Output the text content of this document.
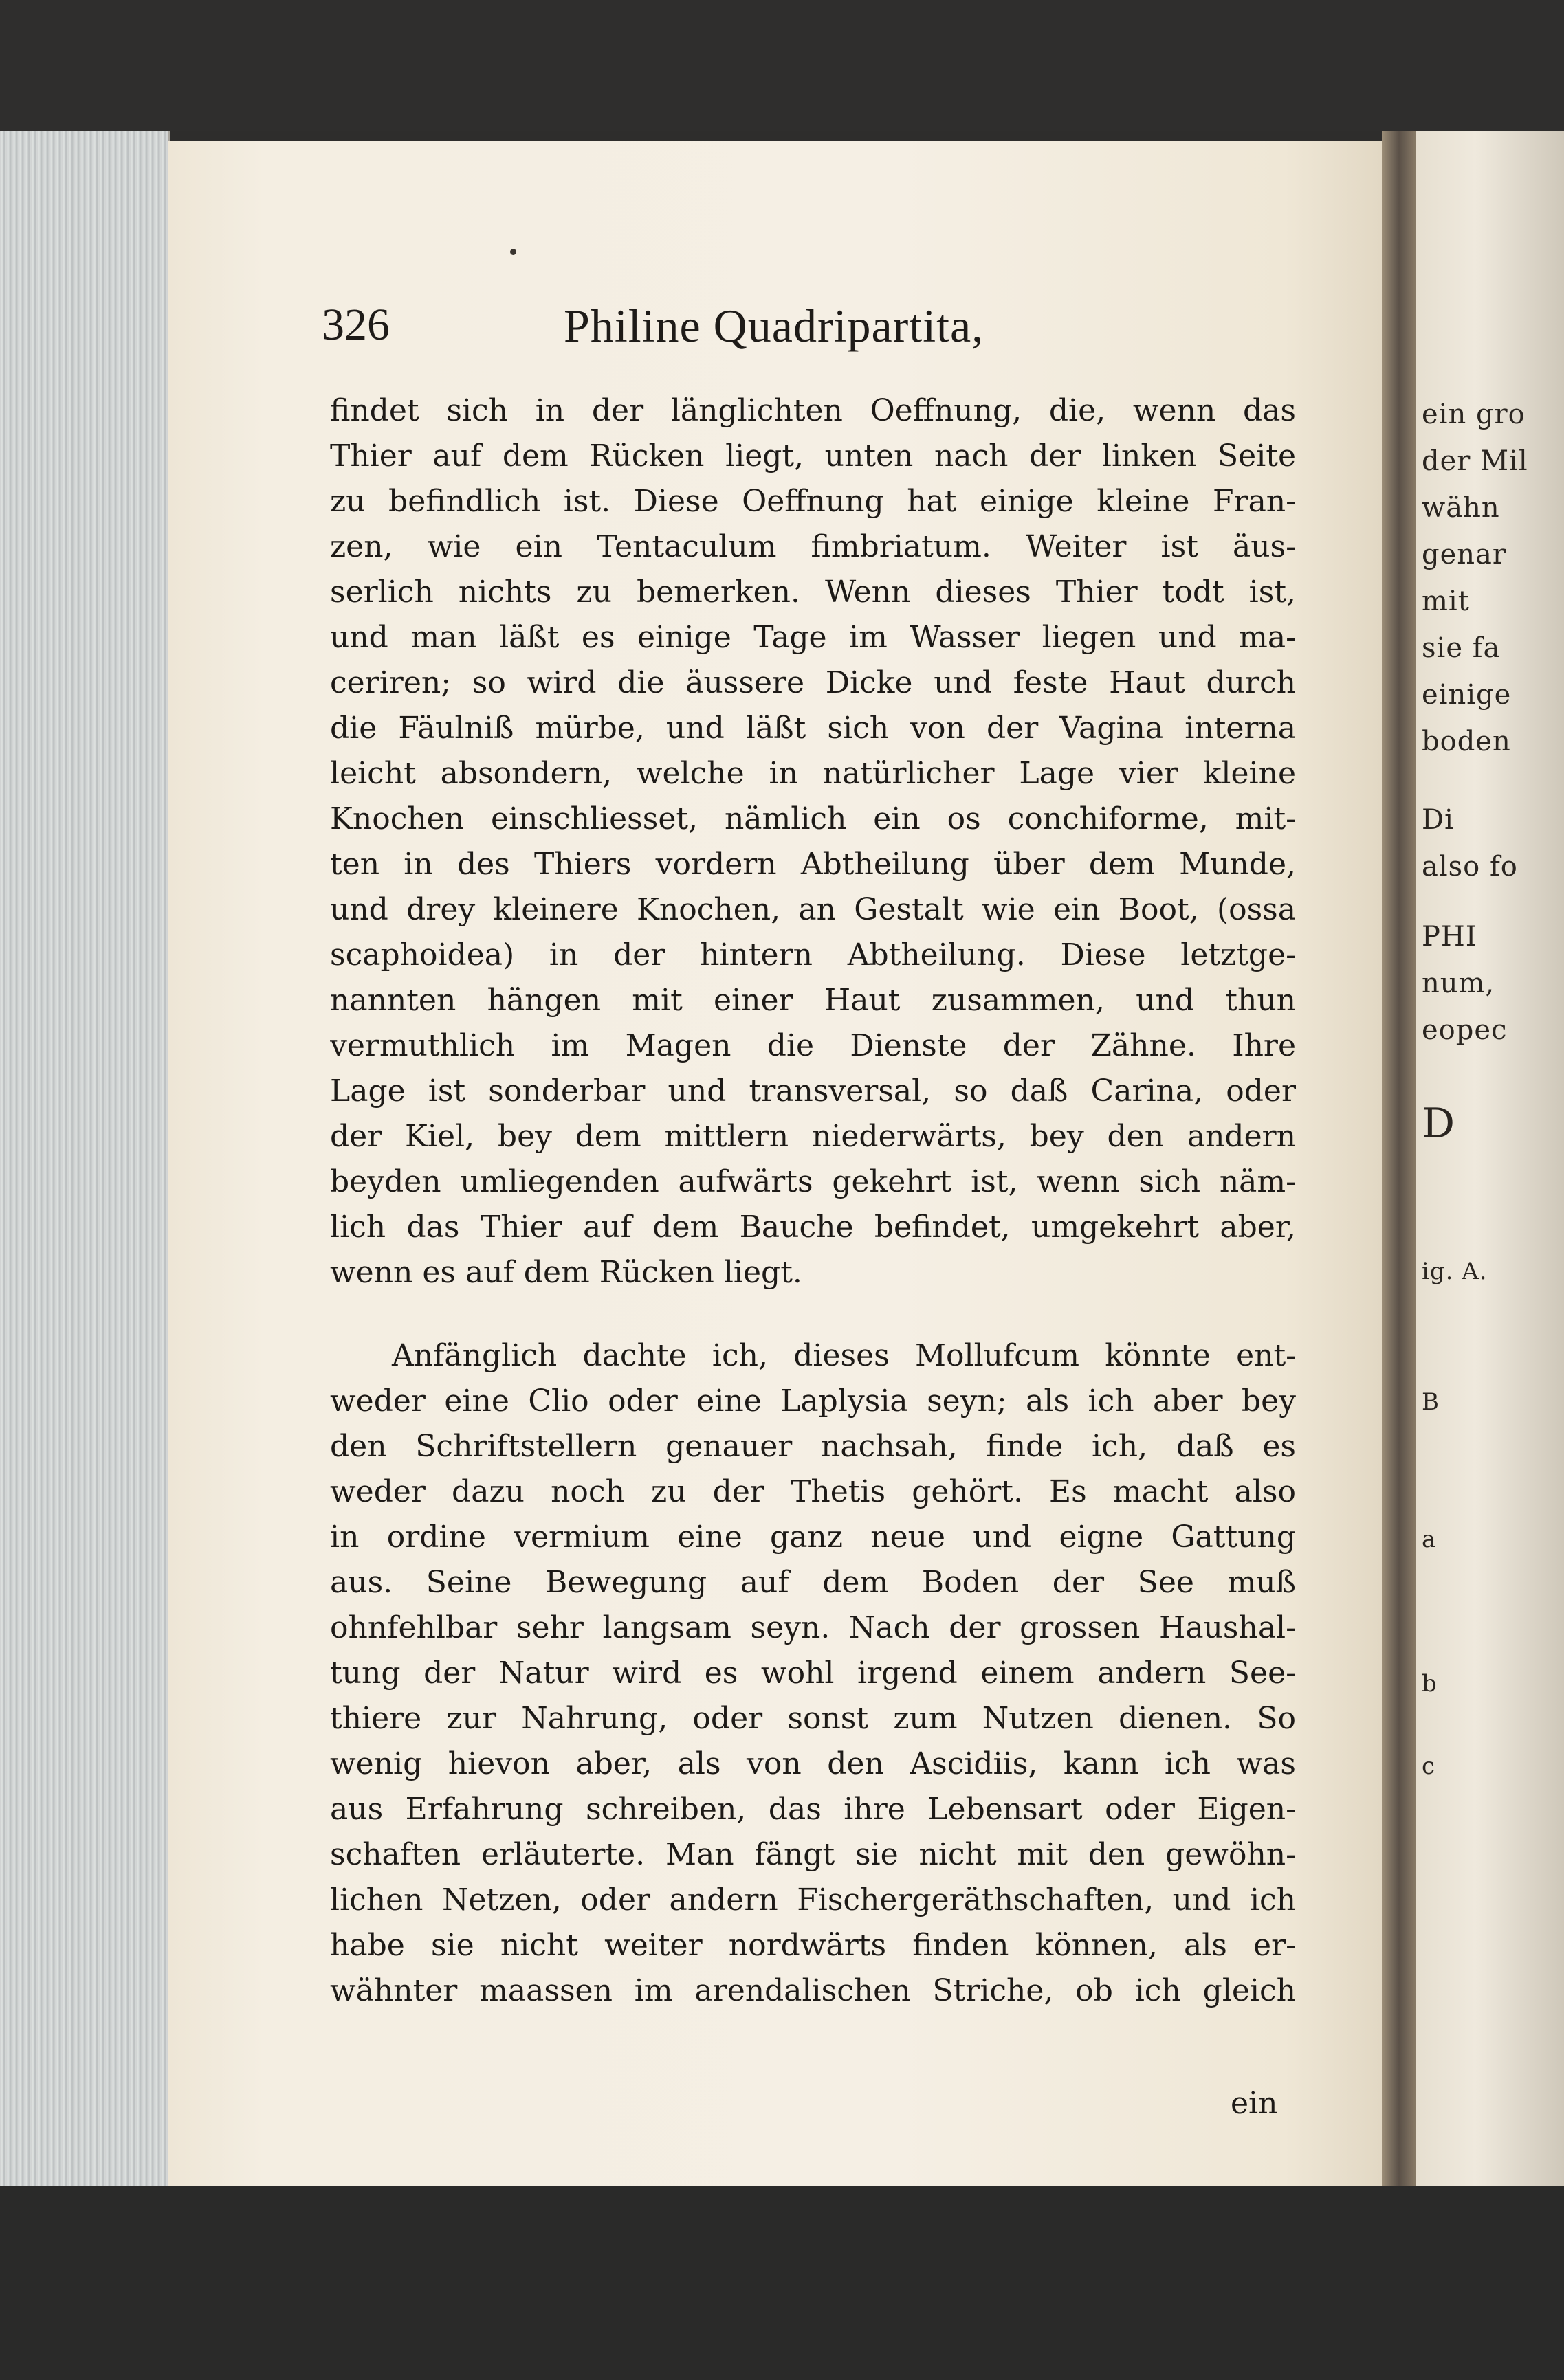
ein gro
der Mil
wähn
genar
mit
sie fa
einige
boden
Di
also fo
PHI
num,
eopec
D
ig. A.
B
a
b
c
326	Philine Quadripartita,
findet sich in der länglichten Oeffnung, die, wenn das
Thier auf dem Rücken liegt, unten nach der linken Seite
zu befindlich ist. Diese Oeffnung hat einige kleine Fran-
zen, wie ein Tentaculum fimbriatum. Weiter ist äus-
serlich nichts zu bemerken. Wenn dieses Thier todt ist,
und man läßt es einige Tage im Wasser liegen und ma-
ceriren; so wird die äussere Dicke und feste Haut durch
die Fäulniß mürbe, und läßt sich von der Vagina interna
leicht absondern, welche in natürlicher Lage vier kleine
Knochen einschliesset, nämlich ein os conchiforme, mit-
ten in des Thiers vordern Abtheilung über dem Munde,
und drey kleinere Knochen, an Gestalt wie ein Boot, (ossa
scaphoidea) in der hintern Abtheilung. Diese letztge-
nannten hängen mit einer Haut zusammen, und thun
vermuthlich im Magen die Dienste der Zähne. Ihre
Lage ist sonderbar und transversal, so daß Carina, oder
der Kiel, bey dem mittlern niederwärts, bey den andern
beyden umliegenden aufwärts gekehrt ist, wenn sich näm-
lich das Thier auf dem Bauche befindet, umgekehrt aber,
wenn es auf dem Rücken liegt.
Anfänglich dachte ich, dieses Mollufcum könnte ent-
weder eine Clio oder eine Laplysia seyn; als ich aber bey
den Schriftstellern genauer nachsah, finde ich, daß es
weder dazu noch zu der Thetis gehört. Es macht also
in ordine vermium eine ganz neue und eigne Gattung
aus. Seine Bewegung auf dem Boden der See muß
ohnfehlbar sehr langsam seyn. Nach der grossen Haushal-
tung der Natur wird es wohl irgend einem andern See-
thiere zur Nahrung, oder sonst zum Nutzen dienen. So
wenig hievon aber, als von den Ascidiis, kann ich was
aus Erfahrung schreiben, das ihre Lebensart oder Eigen-
schaften erläuterte. Man fängt sie nicht mit den gewöhn-
lichen Netzen, oder andern Fischergeräthschaften, und ich
habe sie nicht weiter nordwärts finden können, als er-
wähnter maassen im arendalischen Striche, ob ich gleich
ein
